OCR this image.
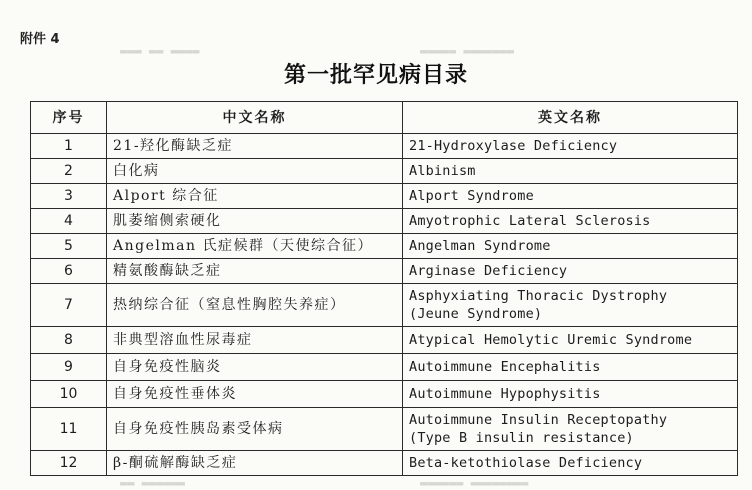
附件 4
第一批罕见病目录
▬▬▬ ▬▬ ▬▬▬▬	▬▬▬▬▬ ▬▬▬▬▬▬▬
▬▬ ▬▬▬▬▬▬	▬▬▬▬▬▬ ▬▬▬▬▬▬▬▬
序号	中文名称	英文名称
1	21-羟化酶缺乏症	21-Hydroxylase Deficiency

2	白化病	Albinism

3	Alport 综合征	Alport Syndrome

4	肌萎缩侧索硬化	Amyotrophic Lateral Sclerosis

5	Angelman 氏症候群（天使综合征）	Angelman Syndrome

6	精氨酸酶缺乏症	Arginase Deficiency

7	热纳综合征（窒息性胸腔失养症）	Asphyxiating Thoracic Dystrophy
(Jeune Syndrome)

8	非典型溶血性尿毒症	Atypical Hemolytic Uremic Syndrome

9	自身免疫性脑炎	Autoimmune Encephalitis

10	自身免疫性垂体炎	Autoimmune Hypophysitis

11	自身免疫性胰岛素受体病	Autoimmune Insulin Receptopathy
(Type B insulin resistance)

12	β-酮硫解酶缺乏症	Beta-ketothiolase Deficiency
